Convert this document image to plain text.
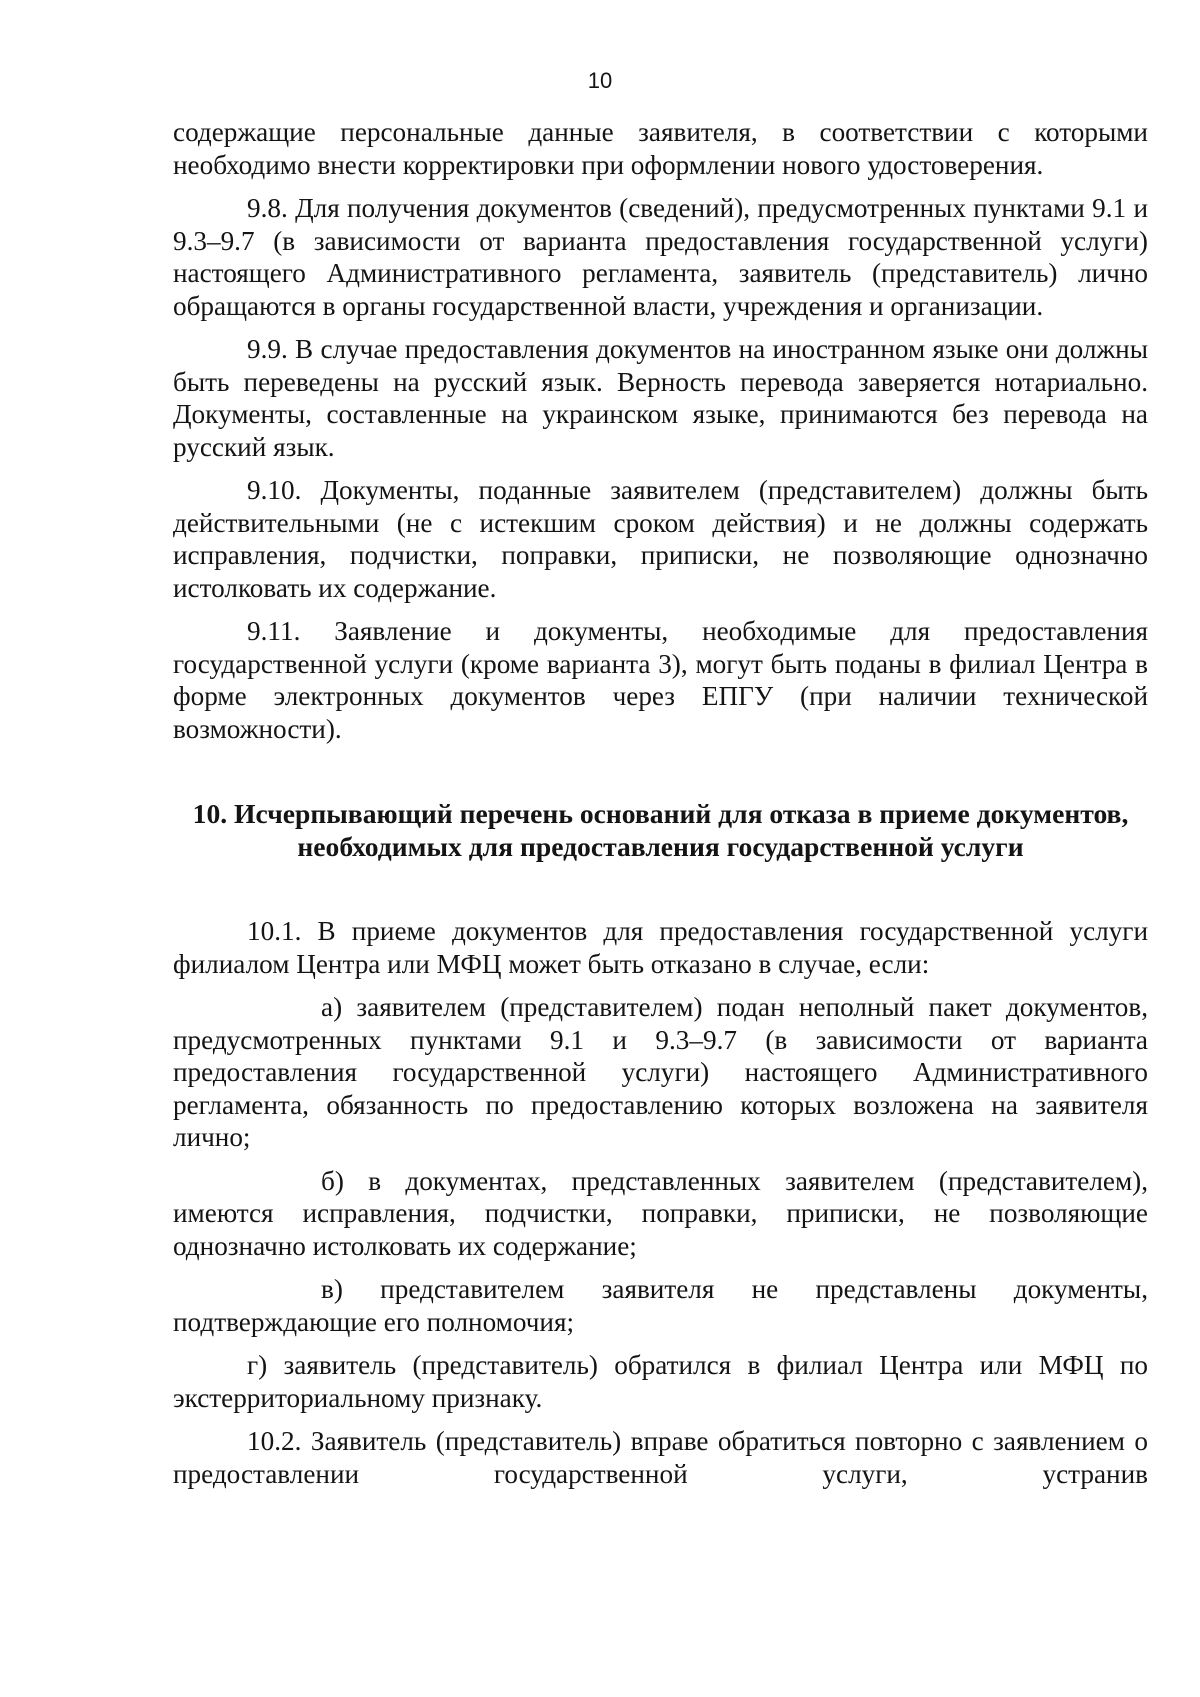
10

содержащие персональные данные заявителя, в соответствии с которыми необходимо внести корректировки при оформлении нового удостоверения.

9.8. Для получения документов (сведений), предусмотренных пунктами 9.1 и 9.3–9.7 (в зависимости от варианта предоставления государственной услуги) настоящего Административного регламента, заявитель (представитель) лично обращаются в органы государственной власти, учреждения и организации.

9.9. В случае предоставления документов на иностранном языке они должны быть переведены на русский язык. Верность перевода заверяется нотариально. Документы, составленные на украинском языке, принимаются без перевода на русский язык.

9.10. Документы, поданные заявителем (представителем) должны быть действительными (не с истекшим сроком действия) и не должны содержать исправления, подчистки, поправки, приписки, не позволяющие однозначно истолковать их содержание.

9.11. Заявление и документы, необходимые для предоставления государственной услуги (кроме варианта 3), могут быть поданы в филиал Центра в форме электронных документов через ЕПГУ (при наличии технической возможности).

10. Исчерпывающий перечень оснований для отказа в приеме документов,
необходимых для предоставления государственной услуги

10.1. В приеме документов для предоставления государственной услуги филиалом Центра или МФЦ может быть отказано в случае, если:

а) заявителем (представителем) подан неполный пакет документов, предусмотренных пунктами 9.1 и 9.3–9.7 (в зависимости от варианта предоставления государственной услуги) настоящего Административного регламента, обязанность по предоставлению которых возложена на заявителя лично;

б) в документах, представленных заявителем (представителем), имеются исправления, подчистки, поправки, приписки, не позволяющие однозначно истолковать их содержание;

в) представителем заявителя не представлены документы, подтверждающие его полномочия;

г) заявитель (представитель) обратился в филиал Центра или МФЦ по экстерриториальному признаку.

10.2. Заявитель (представитель) вправе обратиться повторно с заявлением о предоставлении государственной услуги, устранив
